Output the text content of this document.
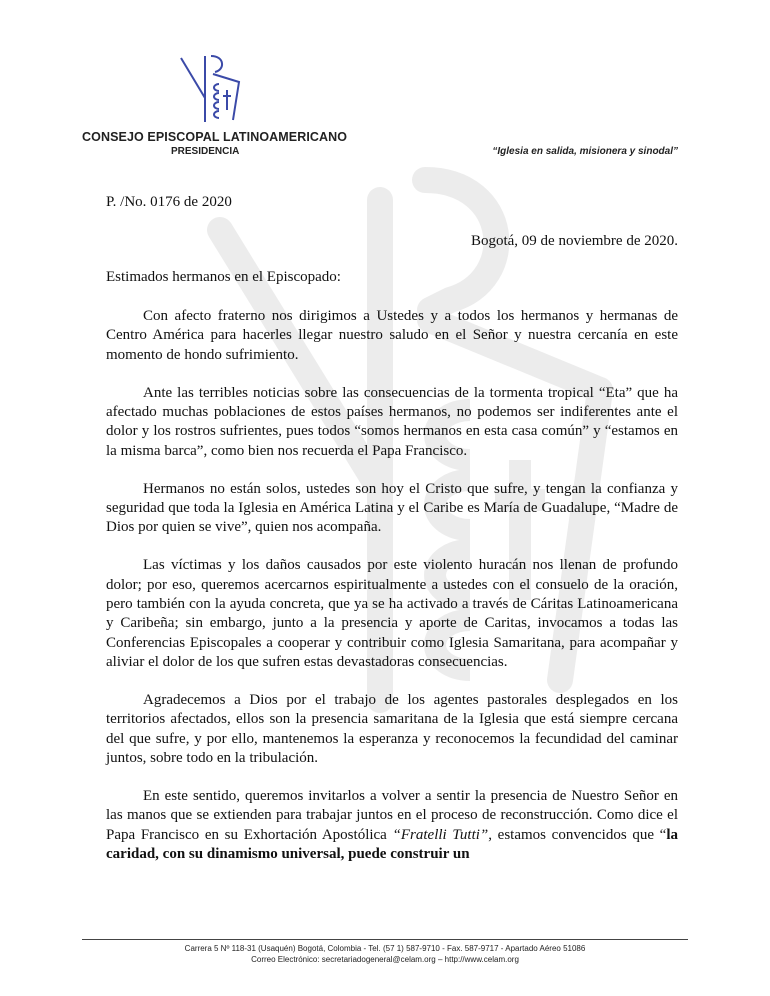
CONSEJO EPISCOPAL LATINOAMERICANO
PRESIDENCIA	“Iglesia en salida, misionera y sinodal”
P. /No. 0176 de 2020
Bogotá, 09 de noviembre de 2020.
Estimados hermanos en el Episcopado:

Con afecto fraterno nos dirigimos a Ustedes y a todos los hermanos y hermanas de Centro América para hacerles llegar nuestro saludo en el Señor y nuestra cercanía en este momento de hondo sufrimiento.

Ante las terribles noticias sobre las consecuencias de la tormenta tropical “Eta” que ha afectado muchas poblaciones de estos países hermanos, no podemos ser indiferentes ante el dolor y los rostros sufrientes, pues todos “somos hermanos en esta casa común” y “estamos en la misma barca”, como bien nos recuerda el Papa Francisco.

Hermanos no están solos, ustedes son hoy el Cristo que sufre, y tengan la confianza y seguridad que toda la Iglesia en América Latina y el Caribe es María de Guadalupe, “Madre de Dios por quien se vive”, quien nos acompaña.

Las víctimas y los daños causados por este violento huracán nos llenan de profundo dolor; por eso, queremos acercarnos espiritualmente a ustedes con el consuelo de la oración, pero también con la ayuda concreta, que ya se ha activado a través de Cáritas Latinoamericana y Caribeña; sin embargo, junto a la presencia y aporte de Caritas, invocamos a todas las Conferencias Episcopales a cooperar y contribuir como Iglesia Samaritana, para acompañar y aliviar el dolor de los que sufren estas devastadoras consecuencias.

Agradecemos a Dios por el trabajo de los agentes pastorales desplegados en los territorios afectados, ellos son la presencia samaritana de la Iglesia que está siempre cercana del que sufre, y por ello, mantenemos la esperanza y reconocemos la fecundidad del caminar juntos, sobre todo en la tribulación.

En este sentido, queremos invitarlos a volver a sentir la presencia de Nuestro Señor en las manos que se extienden para trabajar juntos en el proceso de reconstrucción. Como dice el Papa Francisco en su Exhortación Apostólica “Fratelli Tutti”, estamos convencidos que “la caridad, con su dinamismo universal, puede construir un

Carrera 5 Nº 118-31 (Usaquén) Bogotá, Colombia - Tel. (57 1) 587-9710 - Fax. 587-9717 - Apartado Aéreo 51086
Correo Electrónico: secretariadogeneral@celam.org – http://www.celam.org
